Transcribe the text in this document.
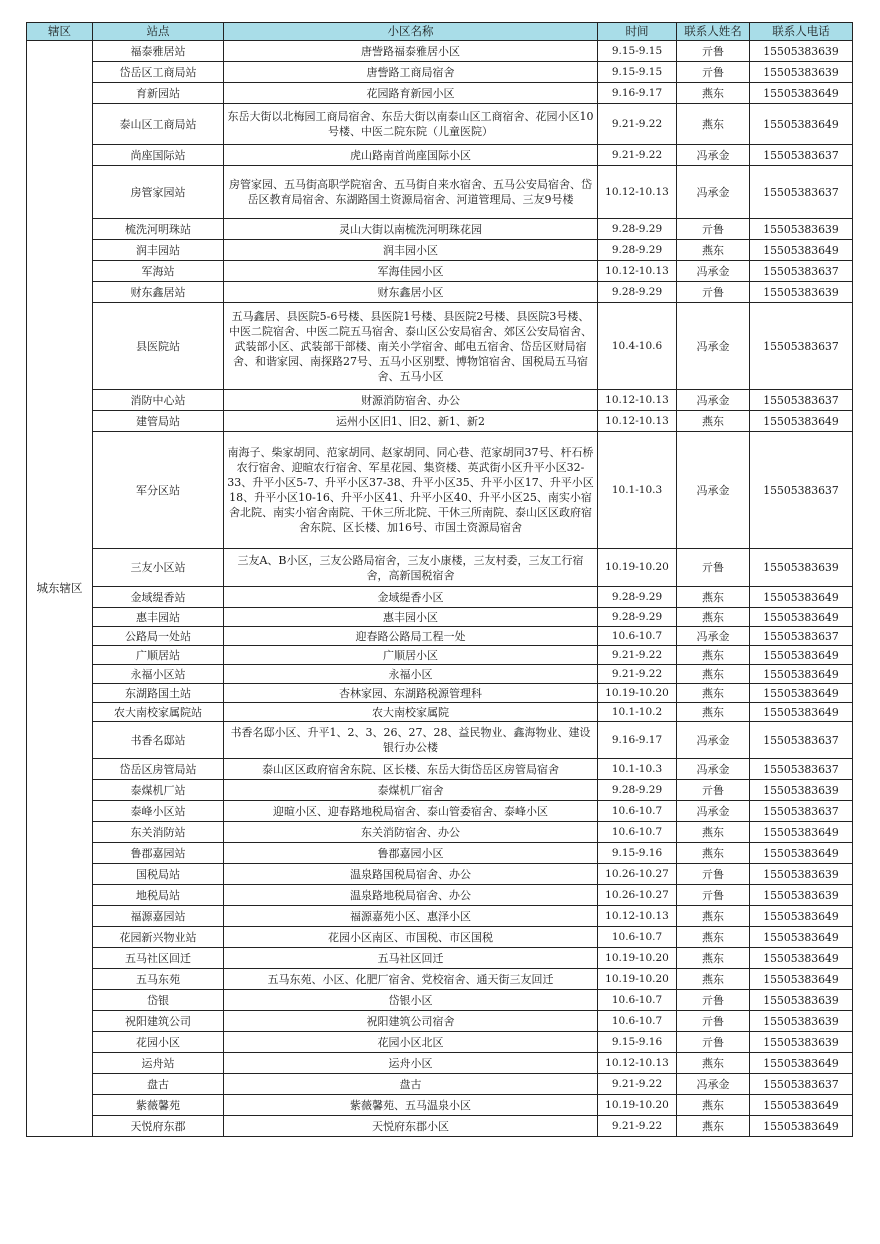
辖区	站点	小区名称	时间	联系人姓名	联系人电话
城东辖区	福泰雅居站	唐訾路福泰雅居小区	9.15-9.15	亓鲁	15505383639
	岱岳区工商局站	唐訾路工商局宿舍	9.15-9.15	亓鲁	15505383639
	育新园站	花园路育新园小区	9.16-9.17	燕东	15505383649
	泰山区工商局站	东岳大街以北梅园工商局宿舍、东岳大街以南泰山区工商宿舍、花园小区10号楼、中医二院东院（儿童医院）	9.21-9.22	燕东	15505383649
	尚座国际站	虎山路南首尚座国际小区	9.21-9.22	冯承金	15505383637
	房管家园站	房管家园、五马街高职学院宿舍、五马街自来水宿舍、五马公安局宿舍、岱岳区教育局宿舍、东湖路国土资源局宿舍、河道管理局、三友9号楼	10.12-10.13	冯承金	15505383637
	梳洗河明珠站	灵山大街以南梳洗河明珠花园	9.28-9.29	亓鲁	15505383639
	润丰园站	润丰园小区	9.28-9.29	燕东	15505383649
	军海站	军海佳园小区	10.12-10.13	冯承金	15505383637
	财东鑫居站	财东鑫居小区	9.28-9.29	亓鲁	15505383639
	县医院站	五马鑫居、县医院5-6号楼、县医院1号楼、县医院2号楼、县医院3号楼、中医二院宿舍、中医二院五马宿舍、泰山区公安局宿舍、郊区公安局宿舍、武装部小区、武装部干部楼、南关小学宿舍、邮电五宿舍、岱岳区财局宿舍、和谐家园、南探路27号、五马小区别墅、博物馆宿舍、国税局五马宿舍、五马小区	10.4-10.6	冯承金	15505383637
	消防中心站	财源消防宿舍、办公	10.12-10.13	冯承金	15505383637
	建管局站	运州小区旧1、旧2、新1、新2	10.12-10.13	燕东	15505383649
	军分区站	南海子、柴家胡同、范家胡同、赵家胡同、同心巷、范家胡同37号、杆石桥农行宿舍、迎暄农行宿舍、军星花园、集资楼、英武街小区升平小区32-33、升平小区5-7、升平小区37-38、升平小区35、升平小区17、升平小区18、升平小区10-16、升平小区41、升平小区40、升平小区25、南实小宿舍北院、南实小宿舍南院、干休三所北院、干休三所南院、泰山区区政府宿舍东院、区长楼、加16号、市国土资源局宿舍	10.1-10.3	冯承金	15505383637
	三友小区站	三友A、B小区，三友公路局宿舍，三友小康楼，三友村委，三友工行宿舍，高新国税宿舍	10.19-10.20	亓鲁	15505383639
	金域缇香站	金域缇香小区	9.28-9.29	燕东	15505383649
	惠丰园站	惠丰园小区	9.28-9.29	燕东	15505383649
	公路局一处站	迎春路公路局工程一处	10.6-10.7	冯承金	15505383637
	广顺居站	广顺居小区	9.21-9.22	燕东	15505383649
	永福小区站	永福小区	9.21-9.22	燕东	15505383649
	东湖路国土站	杏林家园、东湖路税源管理科	10.19-10.20	燕东	15505383649
	农大南校家属院站	农大南校家属院	10.1-10.2	燕东	15505383649
	书香名邸站	书香名邸小区、升平1、2、3、26、27、28、益民物业、鑫海物业、建设银行办公楼	9.16-9.17	冯承金	15505383637
	岱岳区房管局站	泰山区区政府宿舍东院、区长楼、东岳大街岱岳区房管局宿舍	10.1-10.3	冯承金	15505383637
	泰煤机厂站	泰煤机厂宿舍	9.28-9.29	亓鲁	15505383639
	泰峰小区站	迎暄小区、迎春路地税局宿舍、泰山管委宿舍、泰峰小区	10.6-10.7	冯承金	15505383637
	东关消防站	东关消防宿舍、办公	10.6-10.7	燕东	15505383649
	鲁郡嘉园站	鲁郡嘉园小区	9.15-9.16	燕东	15505383649
	国税局站	温泉路国税局宿舍、办公	10.26-10.27	亓鲁	15505383639
	地税局站	温泉路地税局宿舍、办公	10.26-10.27	亓鲁	15505383639
	福源嘉园站	福源嘉苑小区、惠泽小区	10.12-10.13	燕东	15505383649
	花园新兴物业站	花园小区南区、市国税、市区国税	10.6-10.7	燕东	15505383649
	五马社区回迁	五马社区回迁	10.19-10.20	燕东	15505383649
	五马东苑	五马东苑、小区、化肥厂宿舍、党校宿舍、通天街三友回迁	10.19-10.20	燕东	15505383649
	岱银	岱银小区	10.6-10.7	亓鲁	15505383639
	祝阳建筑公司	祝阳建筑公司宿舍	10.6-10.7	亓鲁	15505383639
	花园小区	花园小区北区	9.15-9.16	亓鲁	15505383639
	运舟站	运舟小区	10.12-10.13	燕东	15505383649
	盘古	盘古	9.21-9.22	冯承金	15505383637
	紫薇馨苑	紫薇馨苑、五马温泉小区	10.19-10.20	燕东	15505383649
	天悦府东郡	天悦府东郡小区	9.21-9.22	燕东	15505383649
